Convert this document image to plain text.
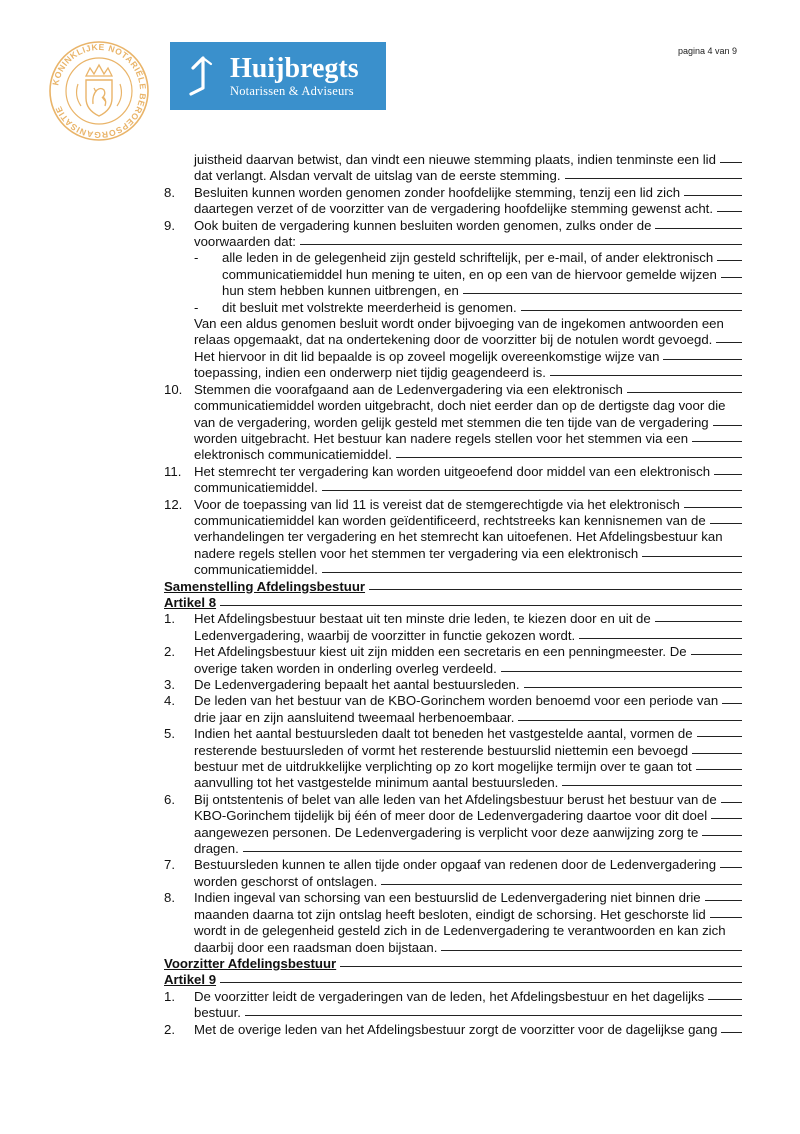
KONINKLIJKE NOTARIËLE BEROEPSORGANISATIE
Huijbregts
Notarissen & Adviseurs
pagina 4 van 9
juistheid daarvan betwist, dan vindt een nieuwe stemming plaats, indien tenminste een lid
dat verlangt. Alsdan vervalt de uitslag van de eerste stemming.
8. Besluiten kunnen worden genomen zonder hoofdelijke stemming, tenzij een lid zich
daartegen verzet of de voorzitter van de vergadering hoofdelijke stemming gewenst acht.
9. Ook buiten de vergadering kunnen besluiten worden genomen, zulks onder de
voorwaarden dat:
- alle leden in de gelegenheid zijn gesteld schriftelijk, per e-mail, of ander elektronisch
communicatiemiddel hun mening te uiten, en op een van de hiervoor gemelde wijzen
hun stem hebben kunnen uitbrengen, en
- dit besluit met volstrekte meerderheid is genomen.
Van een aldus genomen besluit wordt onder bijvoeging van de ingekomen antwoorden een
relaas opgemaakt, dat na ondertekening door de voorzitter bij de notulen wordt gevoegd.
Het hiervoor in dit lid bepaalde is op zoveel mogelijk overeenkomstige wijze van
toepassing, indien een onderwerp niet tijdig geagendeerd is.
10. Stemmen die voorafgaand aan de Ledenvergadering via een elektronisch
communicatiemiddel worden uitgebracht, doch niet eerder dan op de dertigste dag voor die
van de vergadering, worden gelijk gesteld met stemmen die ten tijde van de vergadering
worden uitgebracht. Het bestuur kan nadere regels stellen voor het stemmen via een
elektronisch communicatiemiddel.
11. Het stemrecht ter vergadering kan worden uitgeoefend door middel van een elektronisch
communicatiemiddel.
12. Voor de toepassing van lid 11 is vereist dat de stemgerechtigde via het elektronisch
communicatiemiddel kan worden geïdentificeerd, rechtstreeks kan kennisnemen van de
verhandelingen ter vergadering en het stemrecht kan uitoefenen. Het Afdelingsbestuur kan
nadere regels stellen voor het stemmen ter vergadering via een elektronisch
communicatiemiddel.
Samenstelling Afdelingsbestuur
Artikel 8
1. Het Afdelingsbestuur bestaat uit ten minste drie leden, te kiezen door en uit de
Ledenvergadering, waarbij de voorzitter in functie gekozen wordt.
2. Het Afdelingsbestuur kiest uit zijn midden een secretaris en een penningmeester. De
overige taken worden in onderling overleg verdeeld.
3. De Ledenvergadering bepaalt het aantal bestuursleden.
4. De leden van het bestuur van de KBO-Gorinchem worden benoemd voor een periode van
drie jaar en zijn aansluitend tweemaal herbenoembaar.
5. Indien het aantal bestuursleden daalt tot beneden het vastgestelde aantal, vormen de
resterende bestuursleden of vormt het resterende bestuurslid niettemin een bevoegd
bestuur met de uitdrukkelijke verplichting op zo kort mogelijke termijn over te gaan tot
aanvulling tot het vastgestelde minimum aantal bestuursleden.
6. Bij ontstentenis of belet van alle leden van het Afdelingsbestuur berust het bestuur van de
KBO-Gorinchem tijdelijk bij één of meer door de Ledenvergadering daartoe voor dit doel
aangewezen personen. De Ledenvergadering is verplicht voor deze aanwijzing zorg te
dragen.
7. Bestuursleden kunnen te allen tijde onder opgaaf van redenen door de Ledenvergadering
worden geschorst of ontslagen.
8. Indien ingeval van schorsing van een bestuurslid de Ledenvergadering niet binnen drie
maanden daarna tot zijn ontslag heeft besloten, eindigt de schorsing. Het geschorste lid
wordt in de gelegenheid gesteld zich in de Ledenvergadering te verantwoorden en kan zich
daarbij door een raadsman doen bijstaan.
Voorzitter Afdelingsbestuur
Artikel 9
1. De voorzitter leidt de vergaderingen van de leden, het Afdelingsbestuur en het dagelijks
bestuur.
2. Met de overige leden van het Afdelingsbestuur zorgt de voorzitter voor de dagelijkse gang
